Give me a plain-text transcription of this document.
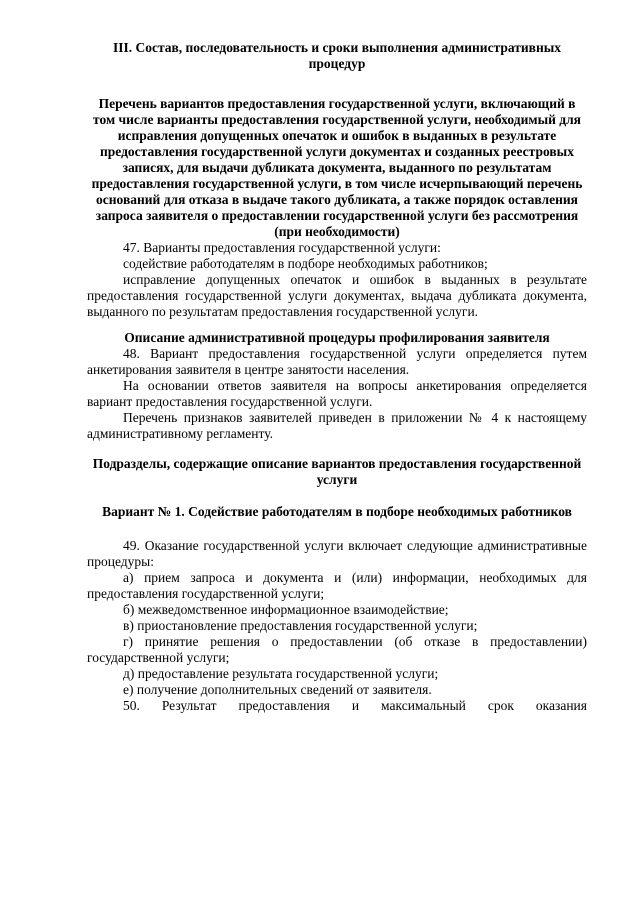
III. Состав, последовательность и сроки выполнения административных процедур

Перечень вариантов предоставления государственной услуги, включающий в том числе варианты предоставления государственной услуги, необходимый для исправления допущенных опечаток и ошибок в выданных в результате предоставления государственной услуги документах и созданных реестровых записях, для выдачи дубликата документа, выданного по результатам предоставления государственной услуги, в том числе исчерпывающий перечень оснований для отказа в выдаче такого дубликата, а также порядок оставления запроса заявителя о предоставлении государственной услуги без рассмотрения (при необходимости)

47. Варианты предоставления государственной услуги:

содействие работодателям в подборе необходимых работников;

исправление допущенных опечаток и ошибок в выданных в результате предоставления государственной услуги документах, выдача дубликата документа, выданного по результатам предоставления государственной услуги.

Описание административной процедуры профилирования заявителя

48. Вариант предоставления государственной услуги определяется путем анкетирования заявителя в центре занятости населения.

На основании ответов заявителя на вопросы анкетирования определяется вариант предоставления государственной услуги.

Перечень признаков заявителей приведен в приложении № 4 к настоящему административному регламенту.

Подразделы, содержащие описание вариантов предоставления государственной услуги

Вариант № 1. Содействие работодателям в подборе необходимых работников

49. Оказание государственной услуги включает следующие административные процедуры:

а) прием запроса и документа и (или) информации, необходимых для предоставления государственной услуги;

б) межведомственное информационное взаимодействие;

в) приостановление предоставления государственной услуги;

г) принятие решения о предоставлении (об отказе в предоставлении) государственной услуги;

д) предоставление результата государственной услуги;

е) получение дополнительных сведений от заявителя.

50. Результат предоставления и максимальный срок оказания
